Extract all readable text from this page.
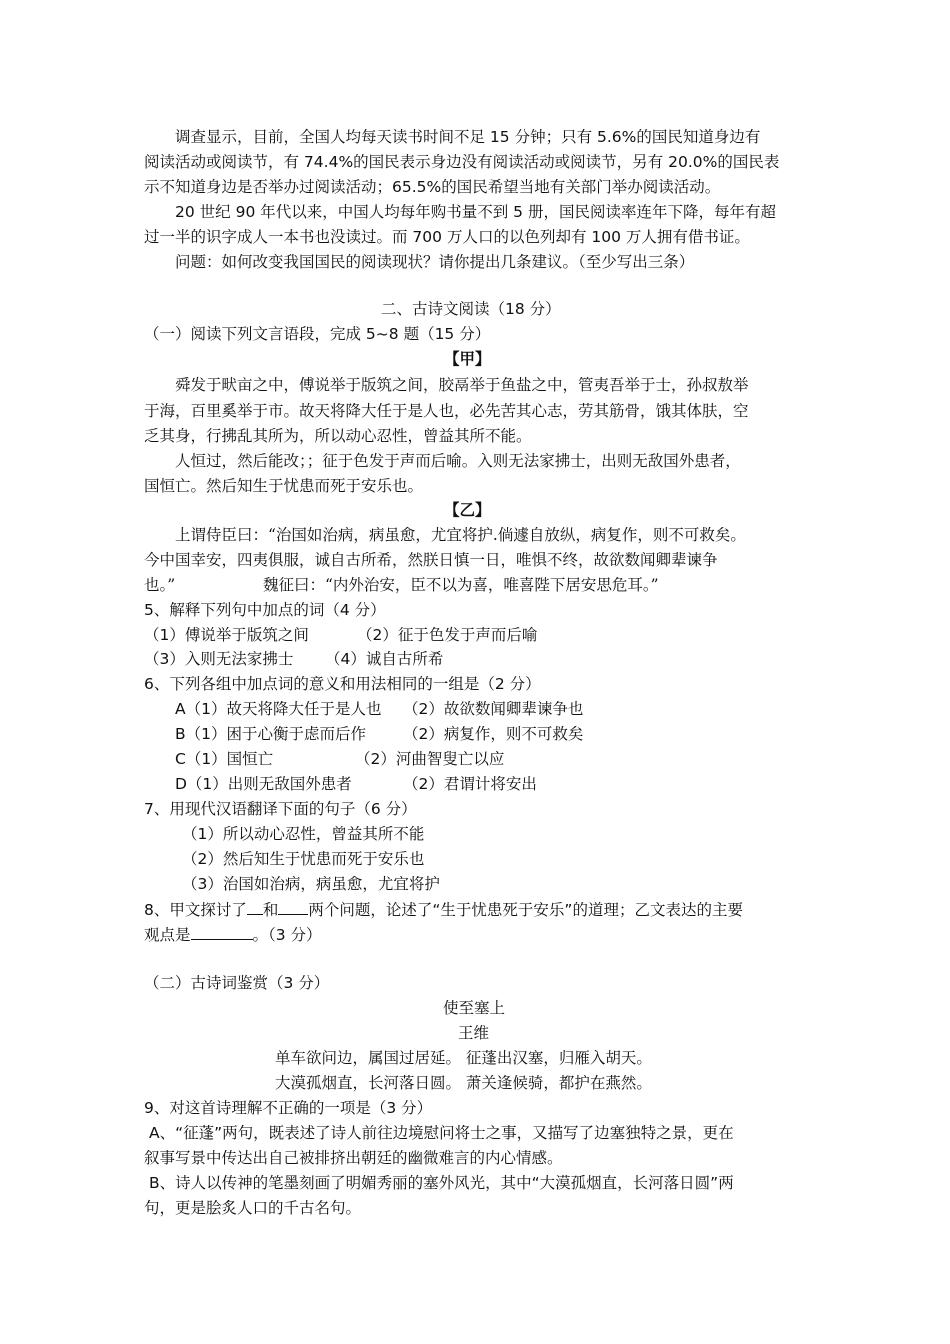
调查显示，目前，全国人均每天读书时间不足 15 分钟；只有 5.6%的国民知道身边有
阅读活动或阅读节，有 74.4%的国民表示身边没有阅读活动或阅读节，另有 20.0%的国民表
示不知道身边是否举办过阅读活动；65.5%的国民希望当地有关部门举办阅读活动。
20 世纪 90 年代以来，中国人均每年购书量不到 5 册，国民阅读率连年下降，每年有超
过一半的识字成人一本书也没读过。而 700 万人口的以色列却有 100 万人拥有借书证。
问题：如何改变我国国民的阅读现状？请你提出几条建议。（至少写出三条）
二、古诗文阅读（18 分）
（一）阅读下列文言语段，完成 5~8 题（15 分）
【甲】
舜发于畎亩之中，傅说举于版筑之间，胶鬲举于鱼盐之中，管夷吾举于士，孙叔敖举
于海，百里奚举于市。故天将降大任于是人也，必先苦其心志，劳其筋骨，饿其体肤，空
乏其身，行拂乱其所为，所以动心忍性，曾益其所不能。
人恒过，然后能改；；征于色发于声而后喻。入则无法家拂士，出则无敌国外患者，
国恒亡。然后知生于忧患而死于安乐也。
【乙】
上谓侍臣曰：“治国如治病，病虽愈，尤宜将护.倘遽自放纵，病复作，则不可救矣。
今中国幸安，四夷俱服，诚自古所希，然朕日慎一日，唯惧不终，故欲数闻卿辈谏争
也。”	魏征曰：“内外治安，臣不以为喜，唯喜陛下居安思危耳。”
5、解释下列句中加点的词（4 分）
（1）傅说举于版筑之间	（2）征于色发于声而后喻
（3）入则无法家拂士 （4）诚自古所希
6、下列各组中加点词的意义和用法相同的一组是（2 分）
A（1）故天将降大任于是人也 （2）故欲数闻卿辈谏争也
B（1）困于心衡于虑而后作 （2）病复作，则不可救矣
C（1）国恒亡	（2）河曲智叟亡以应
D（1）出则无敌国外患者	（2）君谓计将安出
7、用现代汉语翻译下面的句子（6 分）
（1）所以动心忍性，曾益其所不能
（2）然后知生于忧患而死于安乐也
（3）治国如治病，病虽愈，尤宜将护
8、甲文探讨了 和 两个问题，论述了“生于忧患死于安乐”的道理；乙文表达的主要
观点是	。（3 分）
（二）古诗词鉴赏（3 分）
使至塞上
王维
单车欲问边，属国过居延。 征蓬出汉塞，归雁入胡天。
大漠孤烟直，长河落日圆。 萧关逢候骑，都护在燕然。
9、对这首诗理解不正确的一项是（3 分）
A、“征蓬”两句，既表述了诗人前往边境慰问将士之事，又描写了边塞独特之景，更在
叙事写景中传达出自己被排挤出朝廷的幽微难言的内心情感。
B、诗人以传神的笔墨刻画了明媚秀丽的塞外风光，其中“大漠孤烟直，长河落日圆”两
句，更是脍炙人口的千古名句。
